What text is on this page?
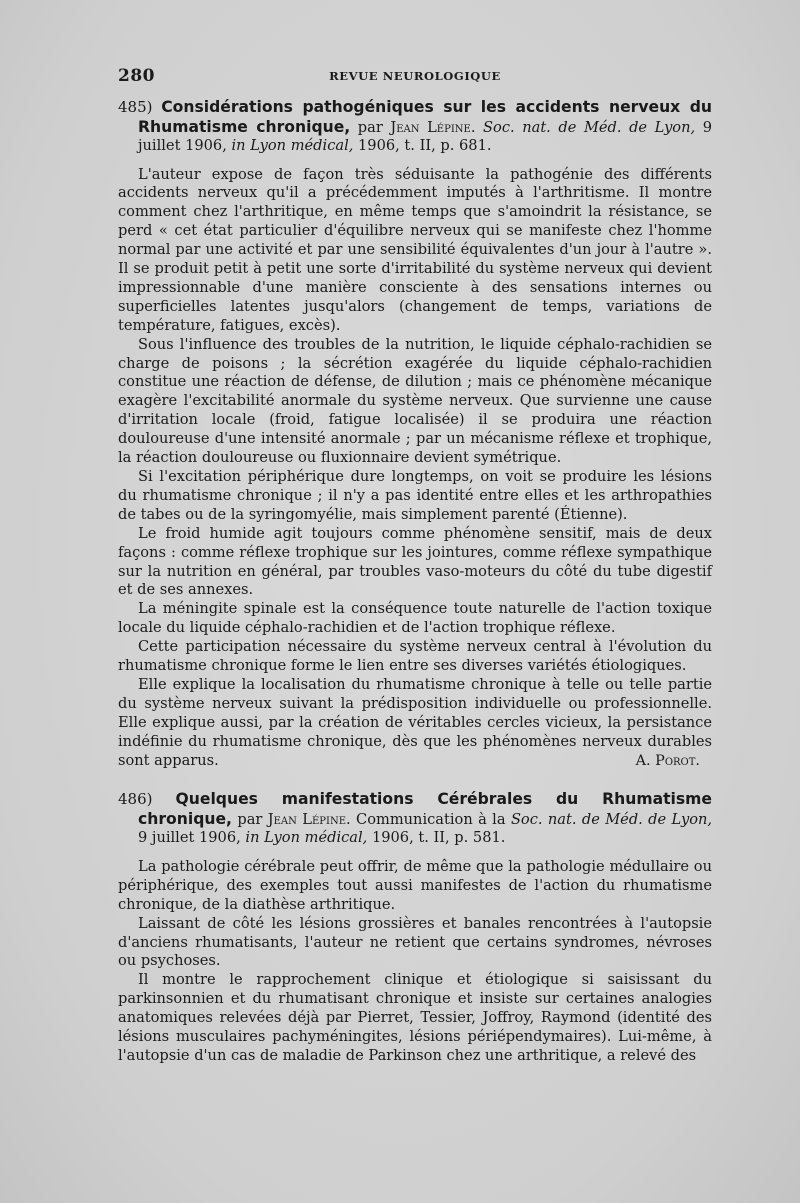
280	REVUE NEUROLOGIQUE
485) Considérations pathogéniques sur les accidents nerveux du Rhumatisme chronique, par Jean Lépine. Soc. nat. de Méd. de Lyon, 9 juillet 1906, in Lyon médical, 1906, t. II, p. 681.

L'auteur expose de façon très séduisante la pathogénie des différents accidents nerveux qu'il a précédemment imputés à l'arthritisme. Il montre comment chez l'arthritique, en même temps que s'amoindrit la résistance, se perd « cet état particulier d'équilibre nerveux qui se manifeste chez l'homme normal par une activité et par une sensibilité équivalentes d'un jour à l'autre ». Il se produit petit à petit une sorte d'irritabilité du système nerveux qui devient impressionnable d'une manière consciente à des sensations internes ou superficielles latentes jusqu'alors (changement de temps, variations de température, fatigues, excès).

Sous l'influence des troubles de la nutrition, le liquide céphalo-rachidien se charge de poisons ; la sécrétion exagérée du liquide céphalo-rachidien constitue une réaction de défense, de dilution ; mais ce phénomène mécanique exagère l'excitabilité anormale du système nerveux. Que survienne une cause d'irritation locale (froid, fatigue localisée) il se produira une réaction douloureuse d'une intensité anormale ; par un mécanisme réflexe et trophique, la réaction douloureuse ou fluxionnaire devient symétrique.

Si l'excitation périphérique dure longtemps, on voit se produire les lésions du rhumatisme chronique ; il n'y a pas identité entre elles et les arthropathies de tabes ou de la syringomyélie, mais simplement parenté (Étienne).

Le froid humide agit toujours comme phénomène sensitif, mais de deux façons : comme réflexe trophique sur les jointures, comme réflexe sympathique sur la nutrition en général, par troubles vaso-moteurs du côté du tube digestif et de ses annexes.

La méningite spinale est la conséquence toute naturelle de l'action toxique locale du liquide céphalo-rachidien et de l'action trophique réflexe.

Cette participation nécessaire du système nerveux central à l'évolution du rhumatisme chronique forme le lien entre ses diverses variétés étiologiques.

Elle explique la localisation du rhumatisme chronique à telle ou telle partie du système nerveux suivant la prédisposition individuelle ou professionnelle. Elle explique aussi, par la création de véritables cercles vicieux, la persistance indéfinie du rhumatisme chronique, dès que les phénomènes nerveux durables sont apparus.	A. Porot.
486) Quelques manifestations Cérébrales du Rhumatisme chronique, par Jean Lépine. Communication à la Soc. nat. de Méd. de Lyon, 9 juillet 1906, in Lyon médical, 1906, t. II, p. 581.

La pathologie cérébrale peut offrir, de même que la pathologie médullaire ou périphérique, des exemples tout aussi manifestes de l'action du rhumatisme chronique, de la diathèse arthritique.

Laissant de côté les lésions grossières et banales rencontrées à l'autopsie d'anciens rhumatisants, l'auteur ne retient que certains syndromes, névroses ou psychoses.

Il montre le rapprochement clinique et étiologique si saisissant du parkinsonnien et du rhumatisant chronique et insiste sur certaines analogies anatomiques relevées déjà par Pierret, Tessier, Joffroy, Raymond (identité des lésions musculaires pachyméningites, lésions périépendymaires). Lui-même, à l'autopsie d'un cas de maladie de Parkinson chez une arthritique, a relevé des
